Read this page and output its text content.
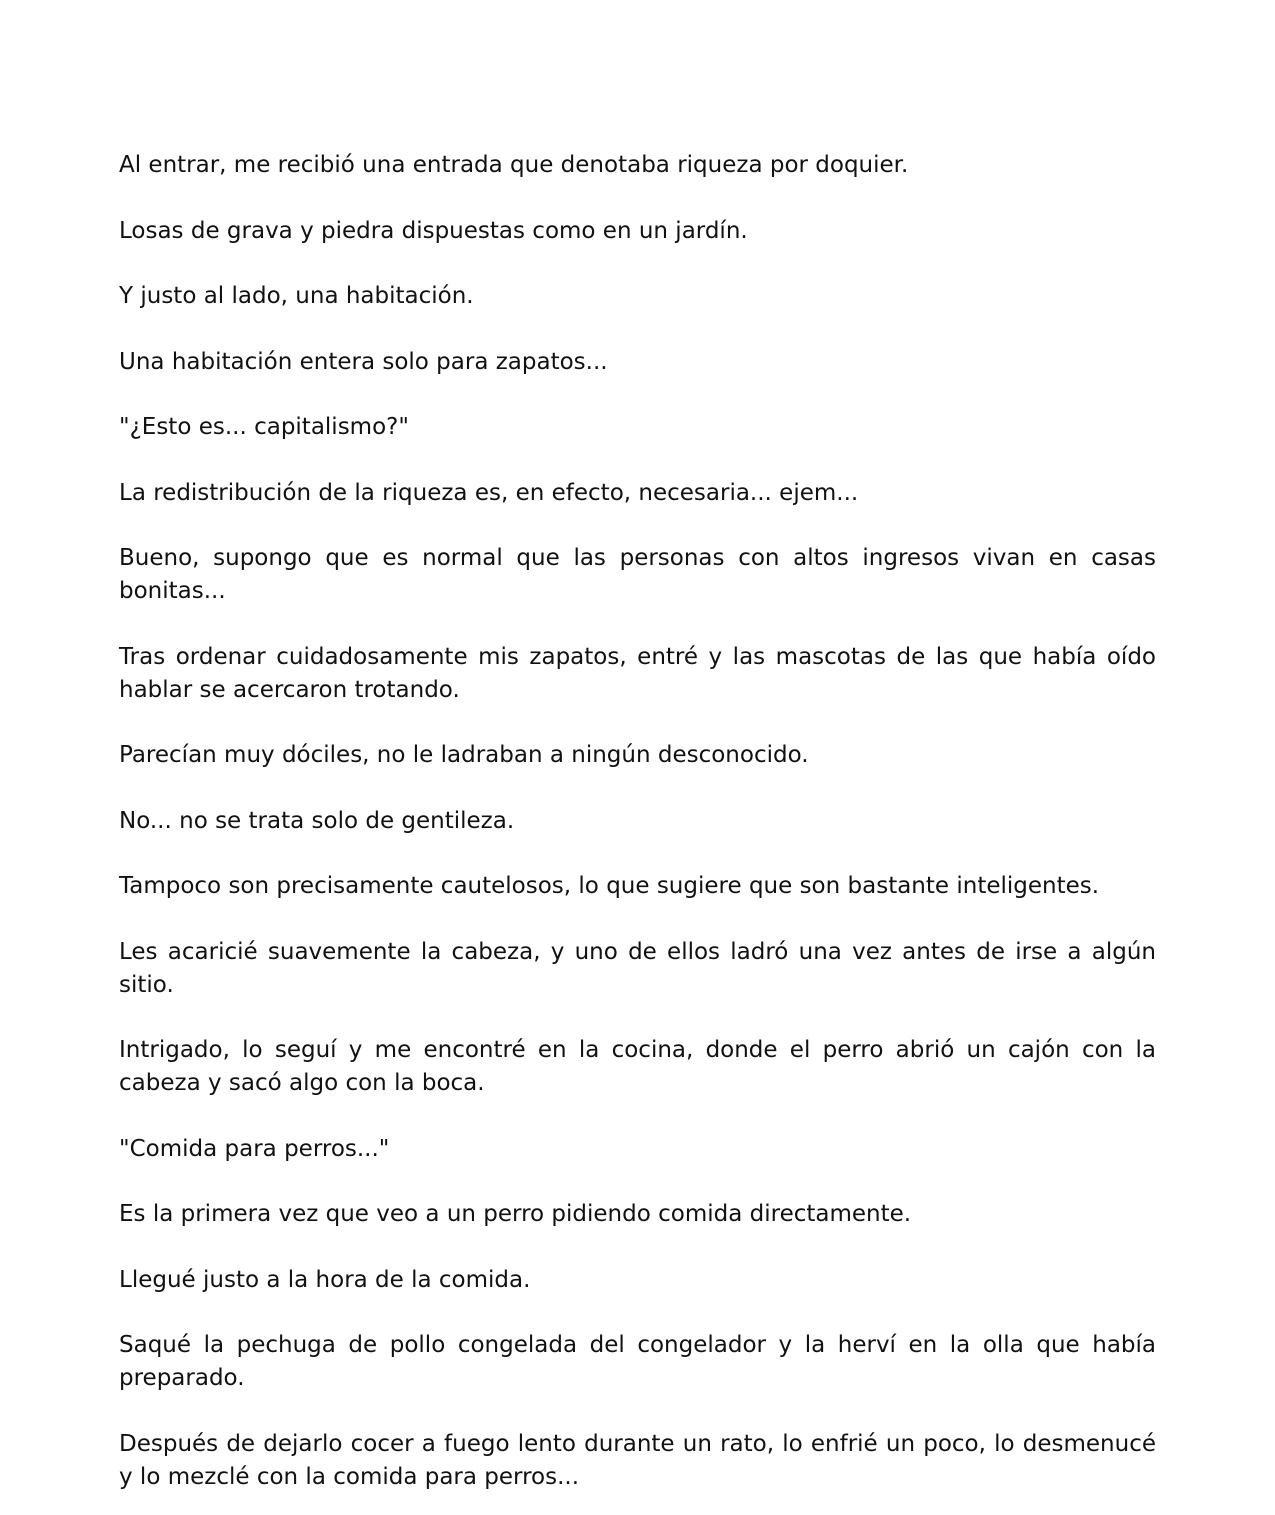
Al entrar, me recibió una entrada que denotaba riqueza por doquier.

Losas de grava y piedra dispuestas como en un jardín.

Y justo al lado, una habitación.

Una habitación entera solo para zapatos...

"¿Esto es... capitalismo?"

La redistribución de la riqueza es, en efecto, necesaria... ejem...

Bueno, supongo que es normal que las personas con altos ingresos vivan en casas bonitas...

Tras ordenar cuidadosamente mis zapatos, entré y las mascotas de las que había oído hablar se acercaron trotando.

Parecían muy dóciles, no le ladraban a ningún desconocido.

No... no se trata solo de gentileza.

Tampoco son precisamente cautelosos, lo que sugiere que son bastante inteligentes.

Les acaricié suavemente la cabeza, y uno de ellos ladró una vez antes de irse a algún sitio.

Intrigado, lo seguí y me encontré en la cocina, donde el perro abrió un cajón con la cabeza y sacó algo con la boca.

"Comida para perros..."

Es la primera vez que veo a un perro pidiendo comida directamente.

Llegué justo a la hora de la comida.

Saqué la pechuga de pollo congelada del congelador y la herví en la olla que había preparado.

Después de dejarlo cocer a fuego lento durante un rato, lo enfrié un poco, lo desmenucé y lo mezclé con la comida para perros...
